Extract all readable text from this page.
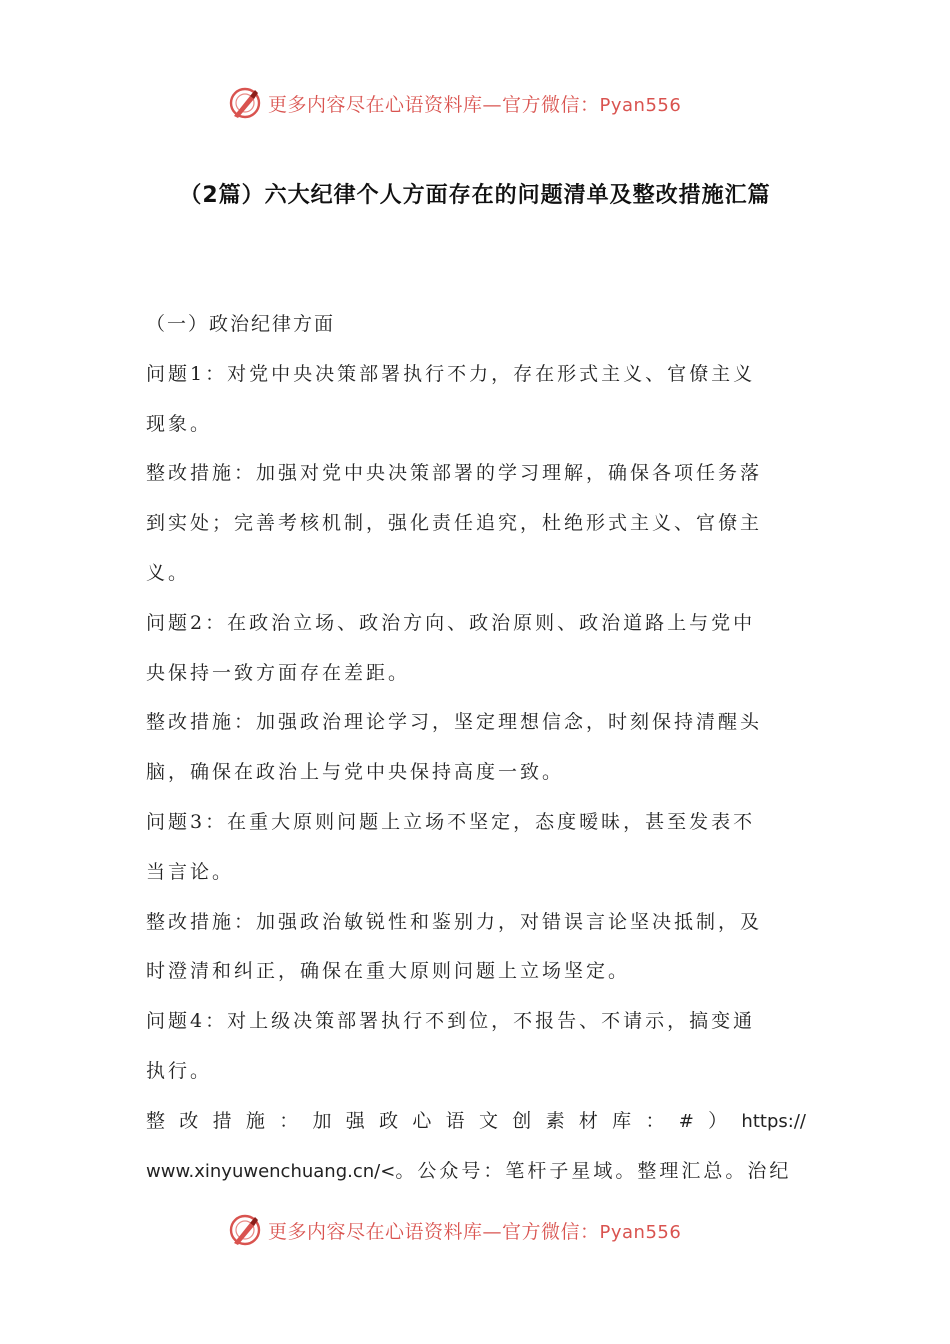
更多内容尽在心语资料库—官方微信：Pyan556
（2篇）六大纪律个人方面存在的问题清单及整改措施汇篇
（一）政治纪律方面
问题1：对党中央决策部署执行不力，存在形式主义、官僚主义
现象。
整改措施：加强对党中央决策部署的学习理解，确保各项任务落
到实处；完善考核机制，强化责任追究，杜绝形式主义、官僚主
义。
问题2：在政治立场、政治方向、政治原则、政治道路上与党中
央保持一致方面存在差距。
整改措施：加强政治理论学习，坚定理想信念，时刻保持清醒头
脑，确保在政治上与党中央保持高度一致。
问题3：在重大原则问题上立场不坚定，态度暧昧，甚至发表不
当言论。
整改措施：加强政治敏锐性和鉴别力，对错误言论坚决抵制，及
时澄清和纠正，确保在重大原则问题上立场坚定。
问题4：对上级决策部署执行不到位，不报告、不请示，搞变通
执行。
整 改 措 施 ： 加 强 政 心 语 文 创 素 材 库 ： # ） https://
www.xinyuwenchuang.cn/<。公众号：笔杆子星域。整理汇总。治纪
更多内容尽在心语资料库—官方微信：Pyan556
